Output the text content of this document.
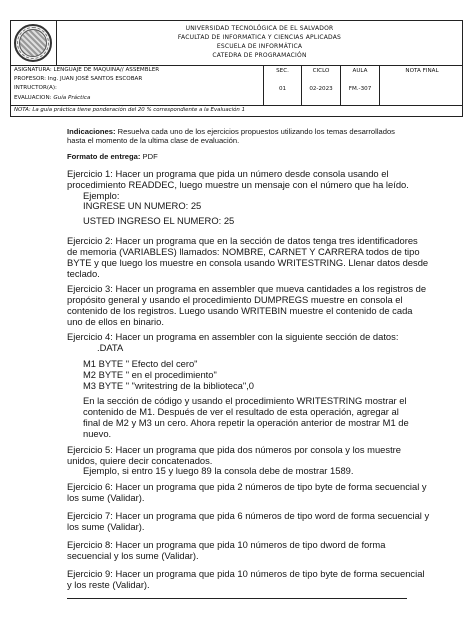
UNIVERSIDAD TECNOLÓGICA DE EL SALVADOR
FACULTAD DE INFORMATICA Y CIENCIAS APLICADAS
ESCUELA DE INFORMÁTICA
CATEDRA DE PROGRAMACIÓN
ASIGNATURA: LENGUAJE DE MAQUINA// ASSEMBLER
PROFESOR: Ing. JUAN JOSÉ SANTOS ESCOBAR
INTRUCTOR(A):
EVALUACION: Guía Práctica
SEC.
01
CICLO
02-2023
AULA
FM.-307
NOTA FINAL
NOTA: La guía práctica tiene ponderación del 20 % correspondiente a la Evaluación 1
Indicaciones: Resuelva cada uno de los ejercicios propuestos utilizando los temas desarrollados
hasta el momento de la ultima clase de evaluación.
Formato de entrega: PDF
Ejercicio 1: Hacer un programa que pida un número desde consola usando el
procedimiento READDEC, luego muestre un mensaje con el número que ha leído.
Ejemplo:
INGRESE UN NUMERO: 25
USTED INGRESO EL NUMERO: 25
Ejercicio 2: Hacer un programa que en la sección de datos tenga tres identificadores
de memoria (VARIABLES) llamados: NOMBRE, CARNET Y CARRERA todos de tipo
BYTE y que luego los muestre en consola usando WRITESTRING. Llenar datos desde
teclado.
Ejercicio 3: Hacer un programa en assembler que mueva cantidades a los registros de
propósito general y usando el procedimiento DUMPREGS muestre en consola el
contenido de los registros. Luego usando WRITEBIN muestre el contenido de cada
uno de ellos en binario.
Ejercicio 4: Hacer un programa en assembler con la siguiente sección de datos:
.DATA
M1 BYTE " Efecto del cero"
M2 BYTE " en el procedimiento"
M3 BYTE " "writestring de la biblioteca",0
En la sección de código y usando el procedimiento WRITESTRING mostrar el
contenido de M1. Después de ver el resultado de esta operación, agregar al
final de M2 y M3 un cero. Ahora repetir la operación anterior de mostrar M1 de
nuevo.
Ejercicio 5: Hacer un programa que pida dos números por consola y los muestre
unidos, quiere decir concatenados.
Ejemplo, si entro 15 y luego 89 la consola debe de mostrar 1589.
Ejercicio 6: Hacer un programa que pida 2 números de tipo byte de forma secuencial y
los sume (Validar).
Ejercicio 7: Hacer un programa que pida 6 números de tipo word de forma secuencial y
los sume (Validar).
Ejercicio 8: Hacer un programa que pida 10 números de tipo dword de forma
secuencial y los sume (Validar).
Ejercicio 9: Hacer un programa que pida 10 números de tipo byte de forma secuencial
y los reste (Validar).
